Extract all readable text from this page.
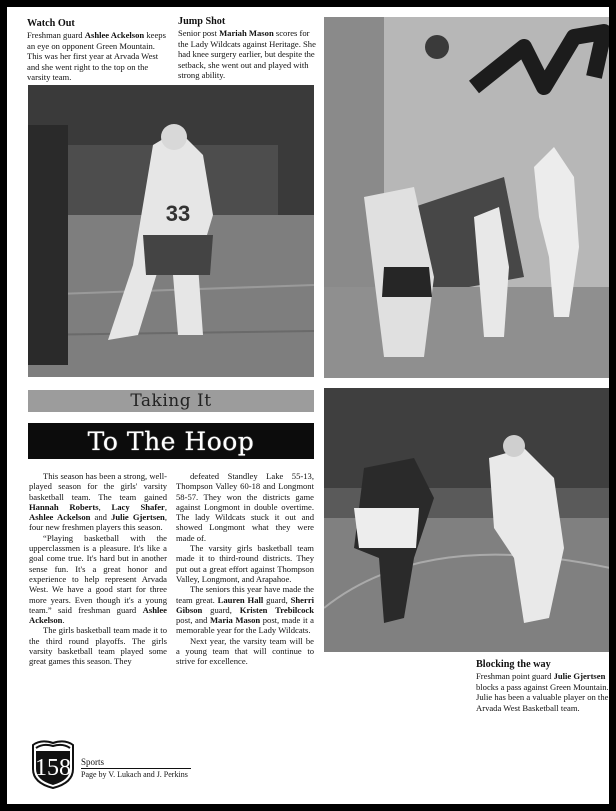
Watch Out
Freshman guard Ashlee Ackelson keeps an eye on opponent Green Mountain. This was her first year at Arvada West and she went right to the top on the varsity team.
Jump Shot
Senior post Mariah Mason scores for the Lady Wildcats against Heritage. She had knee surgery earlier, but despite the setback, she went out and played with strong ability.
33
Taking It
To The Hoop

This season has been a strong, well-played season for the girls' varsity basketball team. The team gained Hannah Roberts, Lacy Shafer, Ashlee Ackelson and Julie Gjertsen, four new freshmen players this season.

“Playing basketball with the upperclassmen is a pleasure. It's like a goal come true. It's hard but in another sense fun. It's a great honor and experience to help represent Arvada West. We have a good start for three more years. Even though it's a young team.” said freshman guard Ashlee Ackelson.

The girls basketball team made it to the third round playoffs. The girls varsity basketball team played some great games this season. They

defeated Standley Lake 55-13, Thompson Valley 60-18 and Longmont 58-57. They won the districts game against Longmont in double overtime. The lady Wildcats stuck it out and showed Longmont what they were made of.

The varsity girls basketball team made it to third-round districts. They put out a great effort against Thompson Valley, Longmont, and Arapahoe.

The seniors this year have made the team great. Lauren Hall guard, Sherri Gibson guard, Kristen Trebilcock post, and Maria Mason post, made it a memorable year for the Lady Wildcats.

Next year, the varsity team will be a young team that will continue to strive for excellence.	Blocking the way
Freshman point guard Julie Gjertsen blocks a pass against Green Mountain. Julie has been a valuable player on the Arvada West Basketball team.
158	Sports
Page by V. Lukach and J. Perkins
